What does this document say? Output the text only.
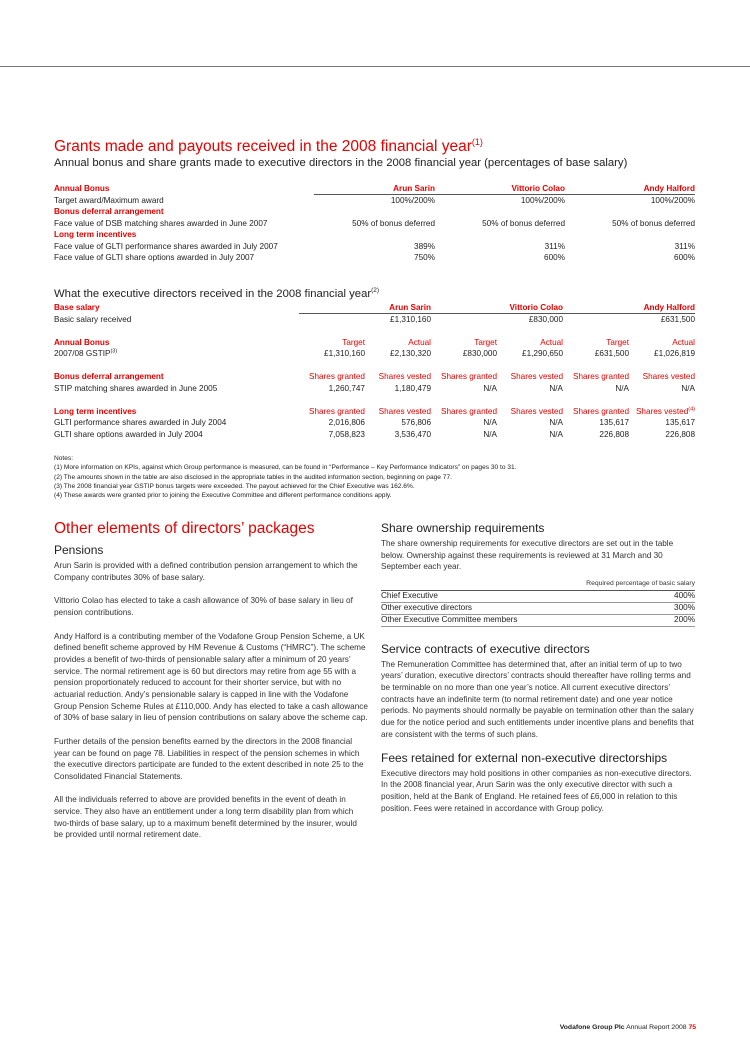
Grants made and payouts received in the 2008 financial year$^{(1)}$
Annual bonus and share grants made to executive directors in the 2008 financial year (percentages of base salary)
Annual Bonus	Arun Sarin	Vittorio Colao	Andy Halford
Target award/Maximum award	100%/200%	100%/200%	100%/200%
Bonus deferral arrangement			
Face value of DSB matching shares awarded in June 2007	50% of bonus deferred	50% of bonus deferred	50% of bonus deferred
Long term incentives			
Face value of GLTI performance shares awarded in July 2007	389%	311%	311%
Face value of GLTI share options awarded in July 2007	750%	600%	600%
What the executive directors received in the 2008 financial year$^{(2)}$
Base salary	Arun Sarin		Vittorio Colao		Andy Halford	
Basic salary received	£1,310,160		£830,000		£631,500	

Annual Bonus	Target	Actual	Target	Actual	Target	Actual
2007/08 GSTIP$^{(3)}$	£1,310,160	£2,130,320	£830,000	£1,290,650	£631,500	£1,026,819

Bonus deferral arrangement	Shares granted	Shares vested	Shares granted	Shares vested	Shares granted	Shares vested
STIP matching shares awarded in June 2005	1,260,747	1,180,479	N/A	N/A	N/A	N/A

Long term incentives	Shares granted	Shares vested	Shares granted	Shares vested	Shares granted	Shares vested$^{(4)}$
GLTI performance shares awarded in July 2004	2,016,806	576,806	N/A	N/A	135,617	135,617
GLTI share options awarded in July 2004	7,058,823	3,536,470	N/A	N/A	226,808	226,808
Notes:
(1) More information on KPIs, against which Group performance is measured, can be found in “Performance – Key Performance Indicators” on pages 30 to 31.
(2) The amounts shown in the table are also disclosed in the appropriate tables in the audited information section, beginning on page 77.
(3) The 2008 financial year GSTIP bonus targets were exceeded. The payout achieved for the Chief Executive was 162.6%.
(4) These awards were granted prior to joining the Executive Committee and different performance conditions apply.
Other elements of directors’ packages
Pensions
Arun Sarin is provided with a defined contribution pension arrangement to which the Company contributes 30% of base salary.
Vittorio Colao has elected to take a cash allowance of 30% of base salary in lieu of pension contributions.
Andy Halford is a contributing member of the Vodafone Group Pension Scheme, a UK defined benefit scheme approved by HM Revenue & Customs (“HMRC”). The scheme provides a benefit of two-thirds of pensionable salary after a minimum of 20 years’ service. The normal retirement age is 60 but directors may retire from age 55 with a pension proportionately reduced to account for their shorter service, but with no actuarial reduction. Andy’s pensionable salary is capped in line with the Vodafone Group Pension Scheme Rules at £110,000. Andy has elected to take a cash allowance of 30% of base salary in lieu of pension contributions on salary above the scheme cap.
Further details of the pension benefits earned by the directors in the 2008 financial year can be found on page 78. Liabilities in respect of the pension schemes in which the executive directors participate are funded to the extent described in note 25 to the Consolidated Financial Statements.
All the individuals referred to above are provided benefits in the event of death in service. They also have an entitlement under a long term disability plan from which two-thirds of base salary, up to a maximum benefit determined by the insurer, would be provided until normal retirement date.
Share ownership requirements
The share ownership requirements for executive directors are set out in the table below. Ownership against these requirements is reviewed at 31 March and 30 September each year.
	Required percentage of basic salary
Chief Executive	400%
Other executive directors	300%
Other Executive Committee members	200%
Service contracts of executive directors
The Remuneration Committee has determined that, after an initial term of up to two years’ duration, executive directors’ contracts should thereafter have rolling terms and be terminable on no more than one year’s notice. All current executive directors’ contracts have an indefinite term (to normal retirement date) and one year notice periods. No payments should normally be payable on termination other than the salary due for the notice period and such entitlements under incentive plans and benefits that are consistent with the terms of such plans.
Fees retained for external non-executive directorships
Executive directors may hold positions in other companies as non-executive directors. In the 2008 financial year, Arun Sarin was the only executive director with such a position, held at the Bank of England. He retained fees of £6,000 in relation to this position. Fees were retained in accordance with Group policy.
Vodafone Group Plc Annual Report 2008 75
